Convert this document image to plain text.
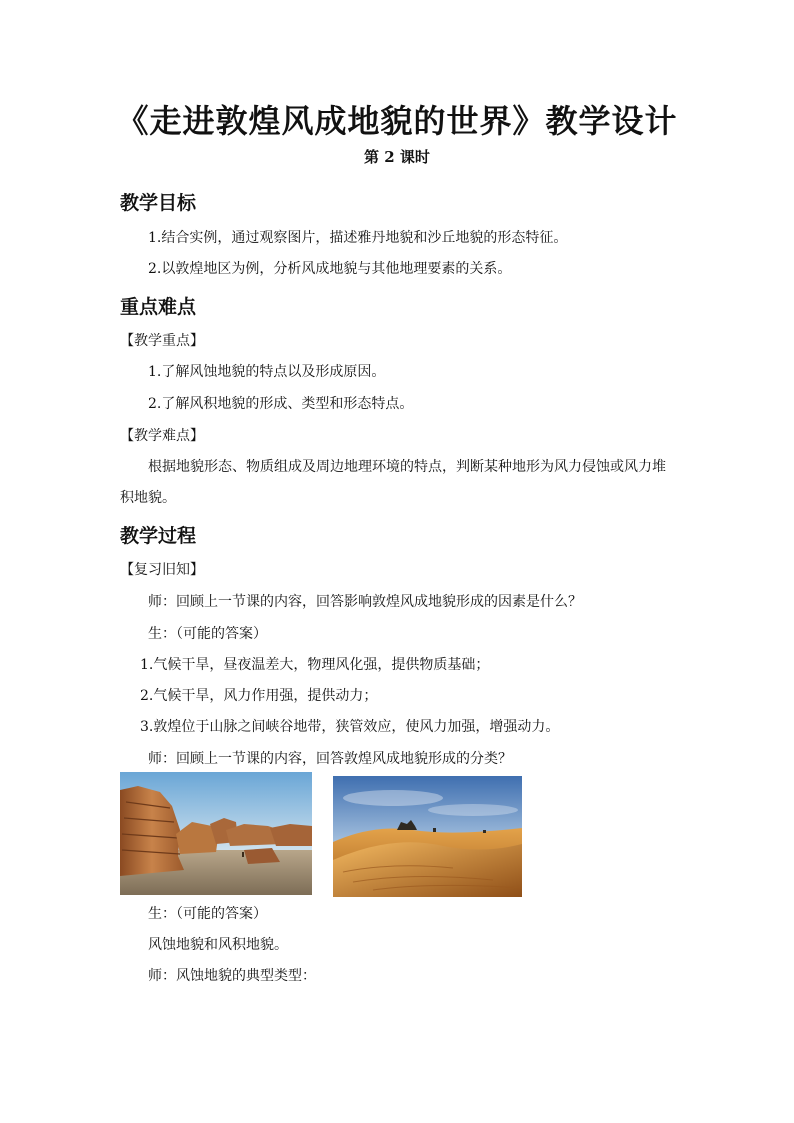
《走进敦煌风成地貌的世界》教学设计
第 2 课时
教学目标
1.结合实例，通过观察图片，描述雅丹地貌和沙丘地貌的形态特征。
2.以敦煌地区为例，分析风成地貌与其他地理要素的关系。
重点难点
【教学重点】
1.了解风蚀地貌的特点以及形成原因。
2.了解风积地貌的形成、类型和形态特点。
【教学难点】
根据地貌形态、物质组成及周边地理环境的特点，判断某种地形为风力侵蚀或风力堆
积地貌。
教学过程
【复习旧知】
师：回顾上一节课的内容，回答影响敦煌风成地貌形成的因素是什么？
生：（可能的答案）
1.气候干旱，昼夜温差大，物理风化强，提供物质基础；
2.气候干旱，风力作用强，提供动力；
3.敦煌位于山脉之间峡谷地带，狭管效应，使风力加强，增强动力。
师：回顾上一节课的内容，回答敦煌风成地貌形成的分类？
生：（可能的答案）
风蚀地貌和风积地貌。
师：风蚀地貌的典型类型：
